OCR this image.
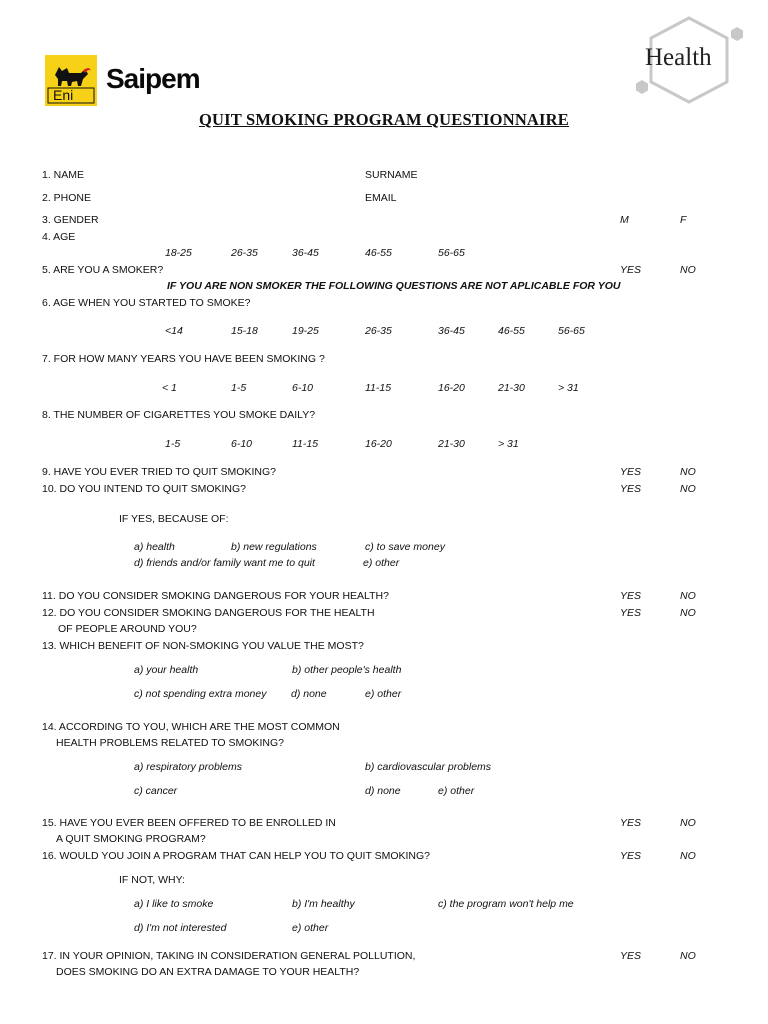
Eni
Saipem
Health
QUIT SMOKING PROGRAM QUESTIONNAIRE
1. NAME	SURNAME
2. PHONE	EMAIL
3. GENDER	M	F
4. AGE
18-25	26-35	36-45	46-55	56-65
5. ARE YOU A SMOKER?	YES	NO
IF YOU ARE NON SMOKER THE FOLLOWING QUESTIONS ARE NOT APLICABLE FOR YOU
6. AGE WHEN YOU STARTED TO SMOKE?
<14	15-18	19-25	26-35	36-45	46-55	56-65
7. FOR HOW MANY YEARS YOU HAVE BEEN SMOKING ?
< 1	1-5	6-10	11-15	16-20	21-30	> 31
8. THE NUMBER OF CIGARETTES YOU SMOKE DAILY?
1-5	6-10	11-15	16-20	21-30	> 31
9. HAVE YOU EVER TRIED TO QUIT SMOKING?	YES	NO
10. DO YOU INTEND TO QUIT SMOKING?	YES	NO
IF YES, BECAUSE OF:
a) health	b) new regulations	c) to save money
d) friends and/or family want me to quit	e) other
11. DO YOU CONSIDER SMOKING DANGEROUS FOR YOUR HEALTH?	YES	NO
12. DO YOU CONSIDER SMOKING DANGEROUS FOR THE HEALTH
OF PEOPLE AROUND YOU?
YES	NO
13. WHICH BENEFIT OF NON-SMOKING YOU VALUE THE MOST?
a) your health	b) other people's health
c) not spending extra money d) none	e) other
14. ACCORDING TO YOU, WHICH ARE THE MOST COMMON
HEALTH PROBLEMS RELATED TO SMOKING?
a) respiratory problems	b) cardiovascular problems
c) cancer	d) none	e) other
15. HAVE YOU EVER BEEN OFFERED TO BE ENROLLED IN
A QUIT SMOKING PROGRAM?
YES	NO
16. WOULD YOU JOIN A PROGRAM THAT CAN HELP YOU TO QUIT SMOKING?	YES	NO
IF NOT, WHY:
a) I like to smoke	b) I'm healthy	c) the program won't help me
d) I'm not interested	e) other
17. IN YOUR OPINION, TAKING IN CONSIDERATION GENERAL POLLUTION,
DOES SMOKING DO AN EXTRA DAMAGE TO YOUR HEALTH?
YES	NO
